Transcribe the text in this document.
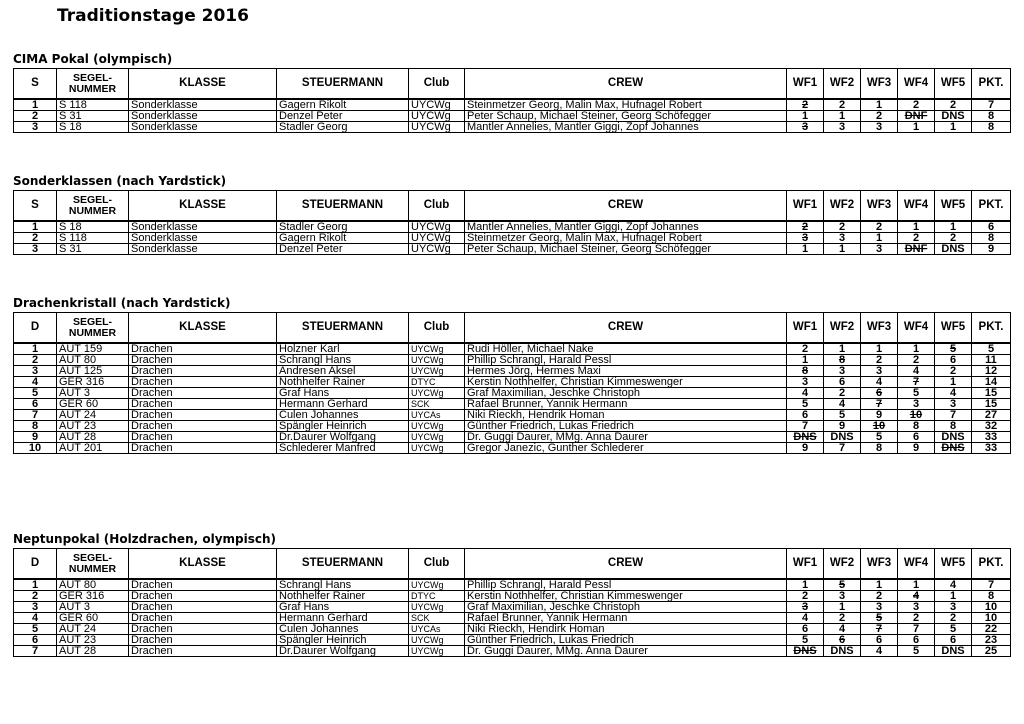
Traditionstage 2016
CIMA Pokal (olympisch)
S	SEGEL-
NUMMER	KLASSE	STEUERMANN	Club	CREW	WF1	WF2	WF3	WF4	WF5	PKT.
1	S 118	Sonderklasse	Gagern Rikolt	UYCWg	Steinmetzer Georg, Malin Max, Hufnagel Robert	2	2	1	2	2	7
2	S 31	Sonderklasse	Denzel Peter	UYCWg	Peter Schaup, Michael Steiner, Georg Schöfegger	1	1	2	DNF	DNS	8
3	S 18	Sonderklasse	Stadler Georg	UYCWg	Mantler Annelies, Mantler Giggi, Zopf Johannes	3	3	3	1	1	8
Sonderklassen (nach Yardstick)
S	SEGEL-
NUMMER	KLASSE	STEUERMANN	Club	CREW	WF1	WF2	WF3	WF4	WF5	PKT.
1	S 18	Sonderklasse	Stadler Georg	UYCWg	Mantler Annelies, Mantler Giggi, Zopf Johannes	2	2	2	1	1	6
2	S 118	Sonderklasse	Gagern Rikolt	UYCWg	Steinmetzer Georg, Malin Max, Hufnagel Robert	3	3	1	2	2	8
3	S 31	Sonderklasse	Denzel Peter	UYCWg	Peter Schaup, Michael Steiner, Georg Schöfegger	1	1	3	DNF	DNS	9
Drachenkristall (nach Yardstick)
D	SEGEL-
NUMMER	KLASSE	STEUERMANN	Club	CREW	WF1	WF2	WF3	WF4	WF5	PKT.
1	AUT 159	Drachen	Holzner Karl	UYCWg	Rudi Höller, Michael Nake	2	1	1	1	5	5
2	AUT 80	Drachen	Schrangl Hans	UYCWg	Phillip Schrangl, Harald Pessl	1	8	2	2	6	11
3	AUT 125	Drachen	Andresen Aksel	UYCWg	Hermes Jörg, Hermes Maxi	8	3	3	4	2	12
4	GER 316	Drachen	Nothhelfer Rainer	DTYC	Kerstin Nothhelfer, Christian Kimmeswenger	3	6	4	7	1	14
5	AUT 3	Drachen	Graf Hans	UYCWg	Graf Maximilian, Jeschke Christoph	4	2	6	5	4	15
6	GER 60	Drachen	Hermann Gerhard	SCK	Rafael Brunner, Yannik Hermann	5	4	7	3	3	15
7	AUT 24	Drachen	Culen Johannes	UYCAs	Niki Rieckh, Hendrik Homan	6	5	9	10	7	27
8	AUT 23	Drachen	Spängler Heinrich	UYCWg	Günther Friedrich, Lukas Friedrich	7	9	10	8	8	32
9	AUT 28	Drachen	Dr.Daurer Wolfgang	UYCWg	Dr. Guggi Daurer, MMg. Anna Daurer	DNS	DNS	5	6	DNS	33
10	AUT 201	Drachen	Schlederer Manfred	UYCWg	Gregor Janezic, Gunther Schlederer	9	7	8	9	DNS	33
Neptunpokal (Holzdrachen, olympisch)
D	SEGEL-
NUMMER	KLASSE	STEUERMANN	Club	CREW	WF1	WF2	WF3	WF4	WF5	PKT.
1	AUT 80	Drachen	Schrangl Hans	UYCWg	Phillip Schrangl, Harald Pessl	1	5	1	1	4	7
2	GER 316	Drachen	Nothhelfer Rainer	DTYC	Kerstin Nothhelfer, Christian Kimmeswenger	2	3	2	4	1	8
3	AUT 3	Drachen	Graf Hans	UYCWg	Graf Maximilian, Jeschke Christoph	3	1	3	3	3	10
4	GER 60	Drachen	Hermann Gerhard	SCK	Rafael Brunner, Yannik Hermann	4	2	5	2	2	10
5	AUT 24	Drachen	Culen Johannes	UYCAs	Niki Rieckh, Hendirk Homan	6	4	7	7	5	22
6	AUT 23	Drachen	Spängler Heinrich	UYCWg	Günther Friedrich, Lukas Friedrich	5	6	6	6	6	23
7	AUT 28	Drachen	Dr.Daurer Wolfgang	UYCWg	Dr. Guggi Daurer, MMg. Anna Daurer	DNS	DNS	4	5	DNS	25
